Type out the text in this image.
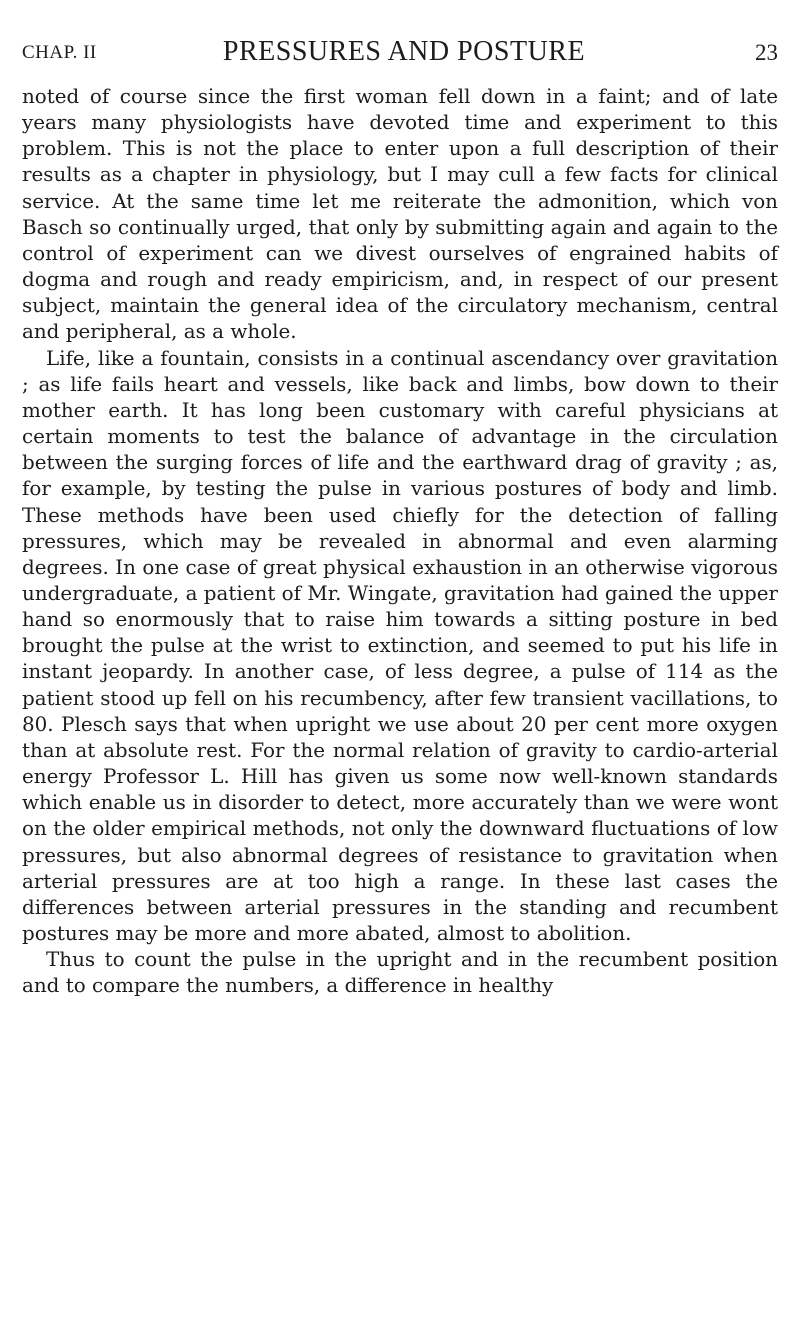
CHAP. II	PRESSURES AND POSTURE	23

noted of course since the first woman fell down in a faint; and of late years many physiologists have devoted time and experiment to this problem. This is not the place to enter upon a full description of their results as a chapter in physiology, but I may cull a few facts for clinical service. At the same time let me reiterate the admonition, which von Basch so continually urged, that only by submitting again and again to the control of experiment can we divest ourselves of engrained habits of dogma and rough and ready empiricism, and, in respect of our present subject, maintain the general idea of the circulatory mechanism, central and peripheral, as a whole.

Life, like a fountain, consists in a continual ascendancy over gravitation ; as life fails heart and vessels, like back and limbs, bow down to their mother earth. It has long been customary with careful physicians at certain moments to test the balance of advantage in the circulation between the surging forces of life and the earthward drag of gravity ; as, for example, by testing the pulse in various postures of body and limb. These methods have been used chiefly for the detection of falling pressures, which may be revealed in abnormal and even alarming degrees. In one case of great physical exhaustion in an otherwise vigorous undergraduate, a patient of Mr. Wingate, gravitation had gained the upper hand so enormously that to raise him towards a sitting posture in bed brought the pulse at the wrist to extinction, and seemed to put his life in instant jeopardy. In another case, of less degree, a pulse of 114 as the patient stood up fell on his recumbency, after few transient vacillations, to 80. Plesch says that when upright we use about 20 per cent more oxygen than at absolute rest. For the normal relation of gravity to cardio-arterial energy Professor L. Hill has given us some now well-known standards which enable us in disorder to detect, more accurately than we were wont on the older empirical methods, not only the downward fluctuations of low pressures, but also abnormal degrees of resistance to gravitation when arterial pressures are at too high a range. In these last cases the differences between arterial pressures in the standing and recumbent postures may be more and more abated, almost to abolition.

Thus to count the pulse in the upright and in the recumbent position and to compare the numbers, a difference in healthy
